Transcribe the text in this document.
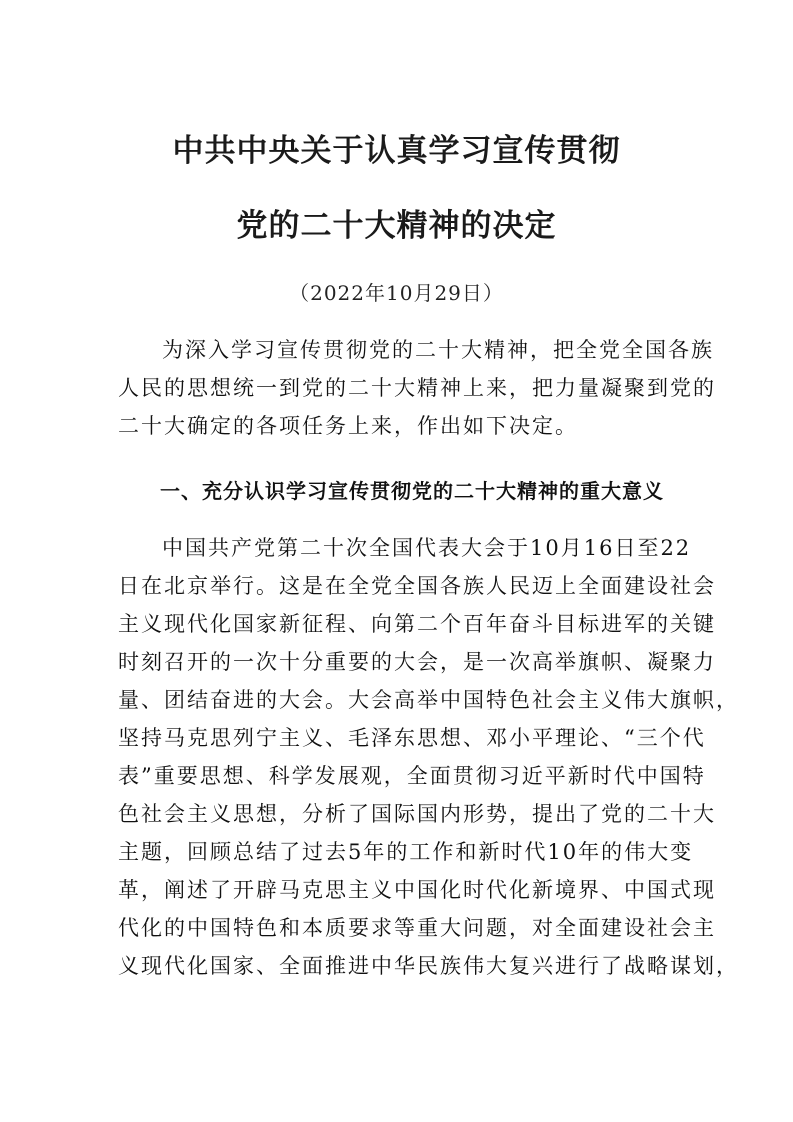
中共中央关于认真学习宣传贯彻
党的二十大精神的决定
（2022年10月29日）
为深入学习宣传贯彻党的二十大精神，把全党全国各族
人民的思想统一到党的二十大精神上来，把力量凝聚到党的
二十大确定的各项任务上来，作出如下决定。
一、充分认识学习宣传贯彻党的二十大精神的重大意义
中国共产党第二十次全国代表大会于10月16日至22
日在北京举行。这是在全党全国各族人民迈上全面建设社会
主义现代化国家新征程、向第二个百年奋斗目标进军的关键
时刻召开的一次十分重要的大会，是一次高举旗帜、凝聚力
量、团结奋进的大会。大会高举中国特色社会主义伟大旗帜，
坚持马克思列宁主义、毛泽东思想、邓小平理论、“三个代
表”重要思想、科学发展观，全面贯彻习近平新时代中国特
色社会主义思想，分析了国际国内形势，提出了党的二十大
主题，回顾总结了过去5年的工作和新时代10年的伟大变
革，阐述了开辟马克思主义中国化时代化新境界、中国式现
代化的中国特色和本质要求等重大问题，对全面建设社会主
义现代化国家、全面推进中华民族伟大复兴进行了战略谋划，
